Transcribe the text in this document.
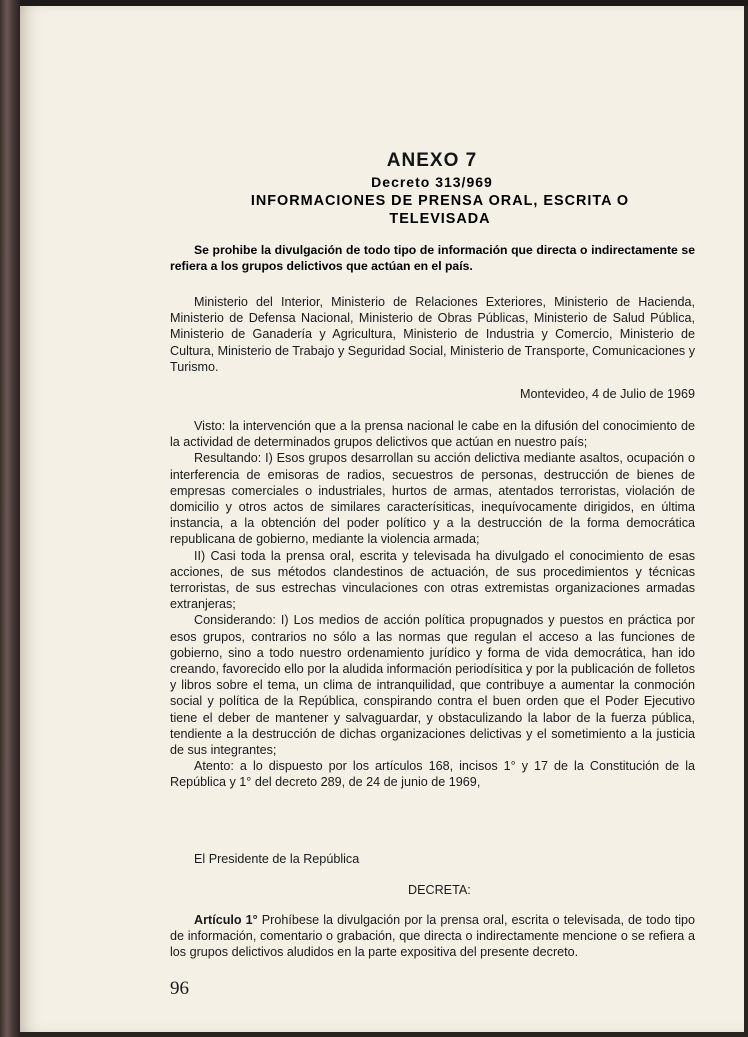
ANEXO 7
Decreto 313/969
INFORMACIONES DE PRENSA ORAL, ESCRITA O TELEVISADA
Se prohibe la divulgación de todo tipo de información que directa o indirectamente se refiera a los grupos delictivos que actúan en el país.
Ministerio del Interior, Ministerio de Relaciones Exteriores, Ministerio de Hacienda, Ministerio de Defensa Nacional, Ministerio de Obras Públicas, Ministerio de Salud Pública, Ministerio de Ganadería y Agricultura, Ministerio de Industria y Comercio, Ministerio de Cultura, Ministerio de Trabajo y Seguridad Social, Ministerio de Transporte, Comunicaciones y Turismo.
Montevideo, 4 de Julio de 1969

Visto: la intervención que a la prensa nacional le cabe en la difusión del conocimiento de la actividad de determinados grupos delictivos que actúan en nuestro país;

Resultando: I) Esos grupos desarrollan su acción delictiva mediante asaltos, ocupación o interferencia de emisoras de radios, secuestros de personas, destrucción de bienes de empresas comerciales o industriales, hurtos de armas, atentados terroristas, violación de domicilio y otros actos de similares caracterísiticas, inequívocamente dirigidos, en última instancia, a la obtención del poder político y a la destrucción de la forma democrática republicana de gobierno, mediante la violencia armada;

II) Casi toda la prensa oral, escrita y televisada ha divulgado el conocimiento de esas acciones, de sus métodos clandestinos de actuación, de sus procedimientos y técnicas terroristas, de sus estrechas vinculaciones con otras extremistas organizaciones armadas extranjeras;

Considerando: I) Los medios de acción política propugnados y puestos en práctica por esos grupos, contrarios no sólo a las normas que regulan el acceso a las funciones de gobierno, sino a todo nuestro ordenamiento jurídico y forma de vida democrática, han ido creando, favorecido ello por la aludida información periodísitica y por la publicación de folletos y libros sobre el tema, un clima de intranquilidad, que contribuye a aumentar la conmoción social y política de la República, conspirando contra el buen orden que el Poder Ejecutivo tiene el deber de mantener y salvaguardar, y obstaculizando la labor de la fuerza pública, tendiente a la destrucción de dichas organizaciones delictivas y el sometimiento a la justicia de sus integrantes;

Atento: a lo dispuesto por los artículos 168, incisos 1° y 17 de la Constitución de la República y 1° del decreto 289, de 24 de junio de 1969,

El Presidente de la República
DECRETA:
Artículo 1° Prohíbese la divulgación por la prensa oral, escrita o televisada, de todo tipo de información, comentario o grabación, que directa o indirectamente mencione o se refiera a los grupos delictivos aludidos en la parte expositiva del presente decreto.
96
